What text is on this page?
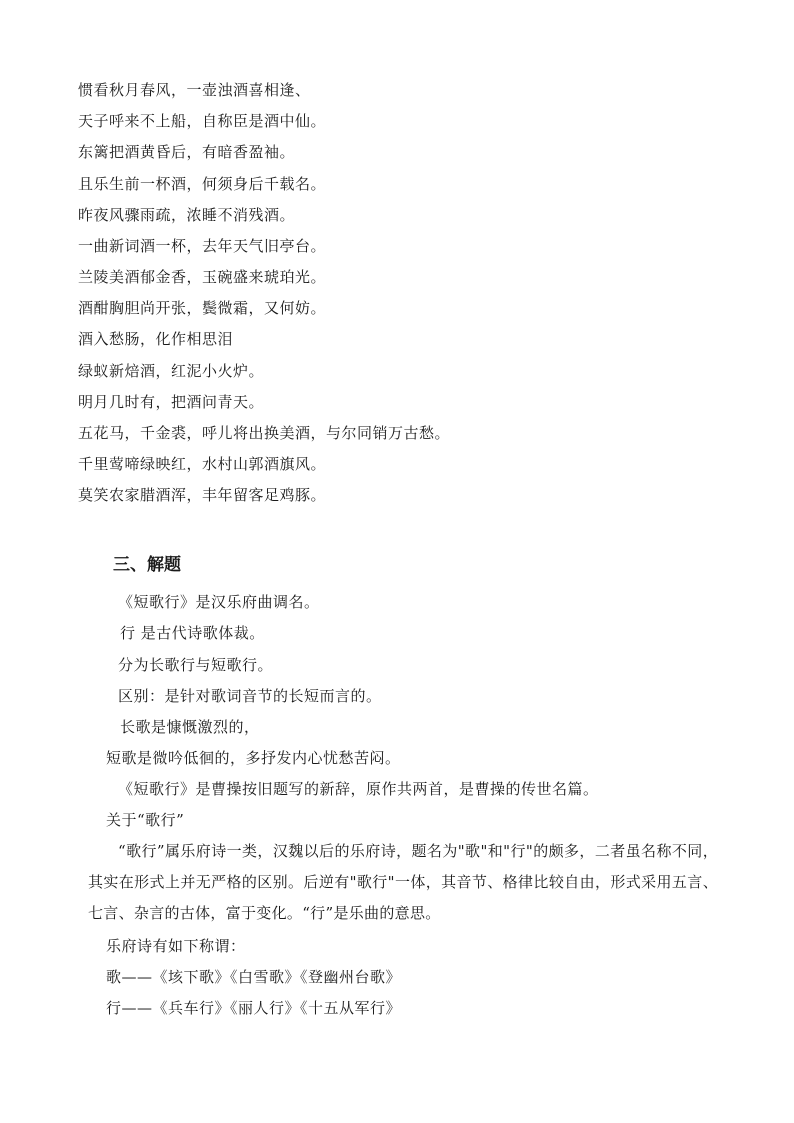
惯看秋月春风，一壶浊酒喜相逢、
天子呼来不上船，自称臣是酒中仙。
东篱把酒黄昏后，有暗香盈袖。
且乐生前一杯酒，何须身后千载名。
昨夜风骤雨疏，浓睡不消残酒。
一曲新词酒一杯，去年天气旧亭台。
兰陵美酒郁金香，玉碗盛来琥珀光。
酒酣胸胆尚开张，鬓微霜，又何妨。
酒入愁肠，化作相思泪
绿蚁新焙酒，红泥小火炉。
明月几时有，把酒问青天。
五花马，千金裘，呼儿将出换美酒，与尔同销万古愁。
千里莺啼绿映红，水村山郭酒旗风。
莫笑农家腊酒浑，丰年留客足鸡豚。
三、解题
《短歌行》是汉乐府曲调名。
行 是古代诗歌体裁。
分为长歌行与短歌行。
区别：是针对歌词音节的长短而言的。
长歌是慷慨激烈的，
短歌是微吟低徊的，多抒发内心忧愁苦闷。
《短歌行》是曹操按旧题写的新辞，原作共两首，是曹操的传世名篇。
关于“歌行”
“歌行”属乐府诗一类，汉魏以后的乐府诗，题名为"歌"和"行"的颇多，二者虽名称不同，其实在形式上并无严格的区别。后逆有"歌行"一体，其音节、格律比较自由，形式采用五言、七言、杂言的古体，富于变化。“行”是乐曲的意思。
乐府诗有如下称谓：
歌——《垓下歌》《白雪歌》《登幽州台歌》
行——《兵车行》《丽人行》《十五从军行》
